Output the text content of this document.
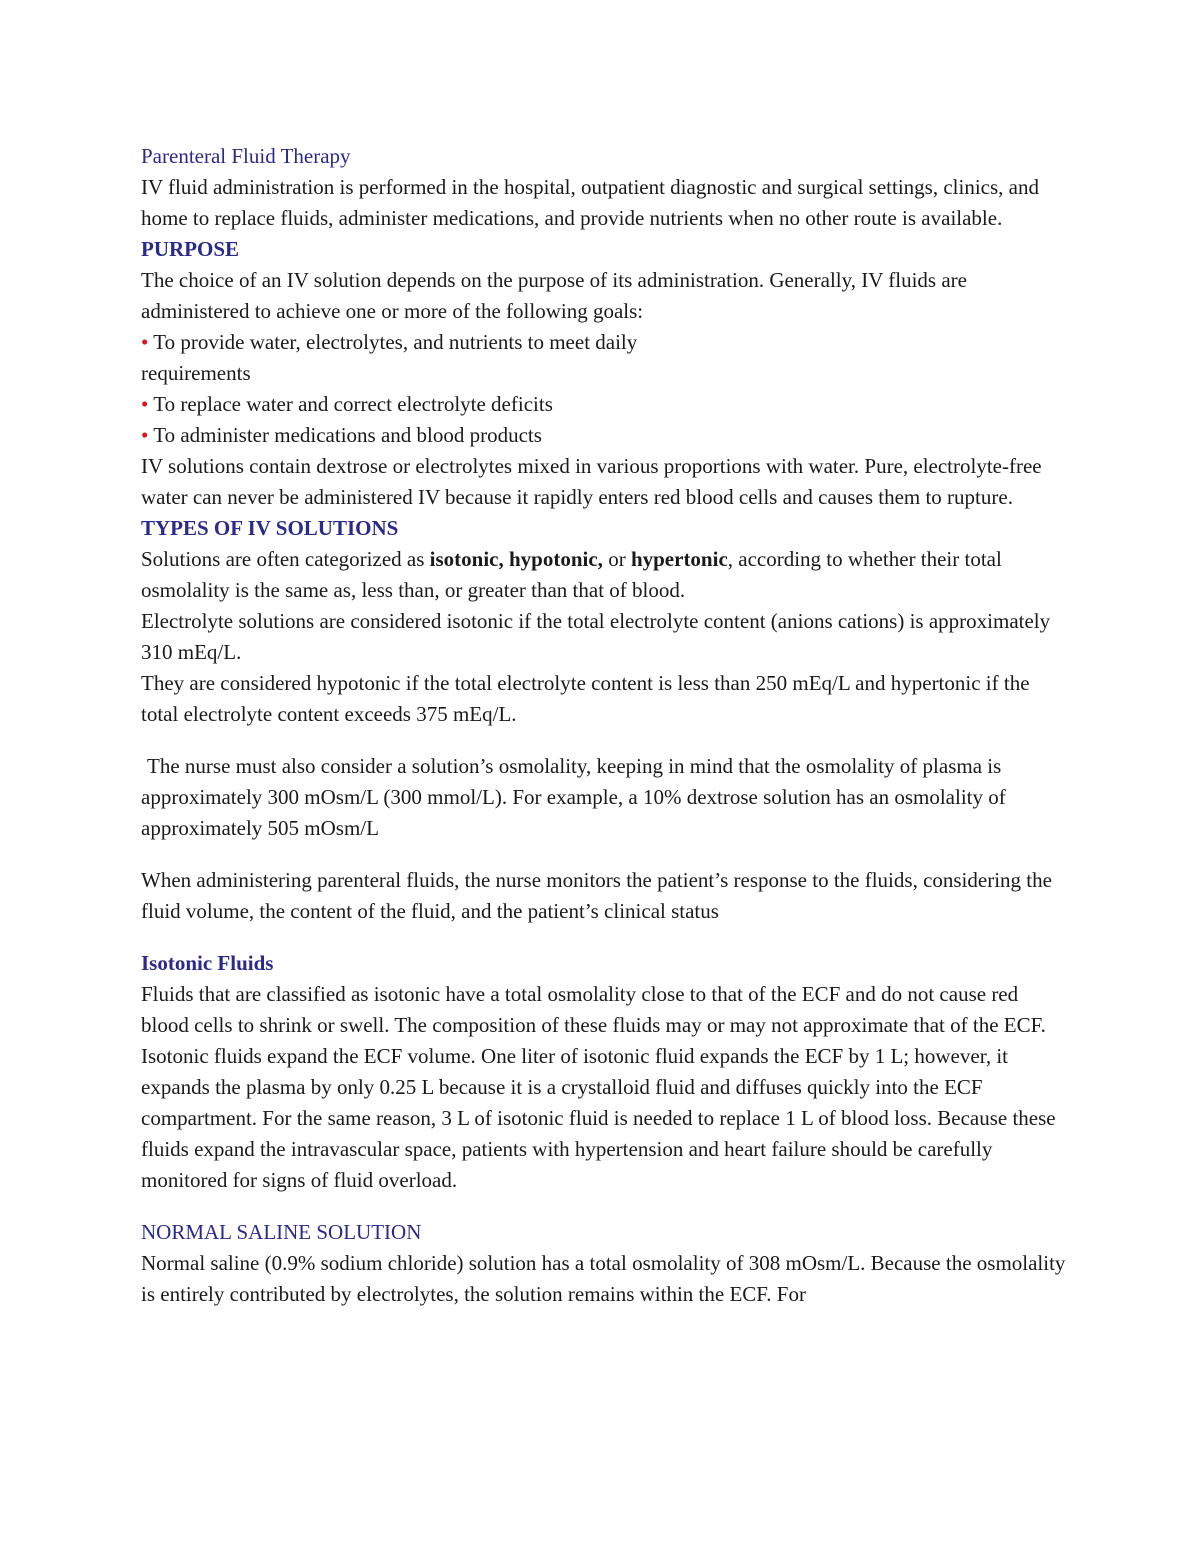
Parenteral Fluid Therapy

IV fluid administration is performed in the hospital, outpatient diagnostic and surgical settings, clinics, and home to replace fluids, administer medications, and provide nutrients when no other route is available.

PURPOSE

The choice of an IV solution depends on the purpose of its administration. Generally, IV fluids are administered to achieve one or more of the following goals:

• To provide water, electrolytes, and nutrients to meet daily

requirements

• To replace water and correct electrolyte deficits

• To administer medications and blood products

IV solutions contain dextrose or electrolytes mixed in various proportions with water. Pure, electrolyte-free water can never be administered IV because it rapidly enters red blood cells and causes them to rupture.

TYPES OF IV SOLUTIONS

Solutions are often categorized as isotonic, hypotonic, or hypertonic, according to whether their total osmolality is the same as, less than, or greater than that of blood.

Electrolyte solutions are considered isotonic if the total electrolyte content (anions cations) is approximately 310 mEq/L.

They are considered hypotonic if the total electrolyte content is less than 250 mEq/L and hypertonic if the total electrolyte content exceeds 375 mEq/L.

The nurse must also consider a solution’s osmolality, keeping in mind that the osmolality of plasma is approximately 300 mOsm/L (300 mmol/L). For example, a 10% dextrose solution has an osmolality of approximately 505 mOsm/L

When administering parenteral fluids, the nurse monitors the patient’s response to the fluids, considering the fluid volume, the content of the fluid, and the patient’s clinical status

Isotonic Fluids

Fluids that are classified as isotonic have a total osmolality close to that of the ECF and do not cause red blood cells to shrink or swell. The composition of these fluids may or may not approximate that of the ECF. Isotonic fluids expand the ECF volume. One liter of isotonic fluid expands the ECF by 1 L; however, it expands the plasma by only 0.25 L because it is a crystalloid fluid and diffuses quickly into the ECF compartment. For the same reason, 3 L of isotonic fluid is needed to replace 1 L of blood loss. Because these fluids expand the intravascular space, patients with hypertension and heart failure should be carefully monitored for signs of fluid overload.

NORMAL SALINE SOLUTION

Normal saline (0.9% sodium chloride) solution has a total osmolality of 308 mOsm/L. Because the osmolality is entirely contributed by electrolytes, the solution remains within the ECF. For
